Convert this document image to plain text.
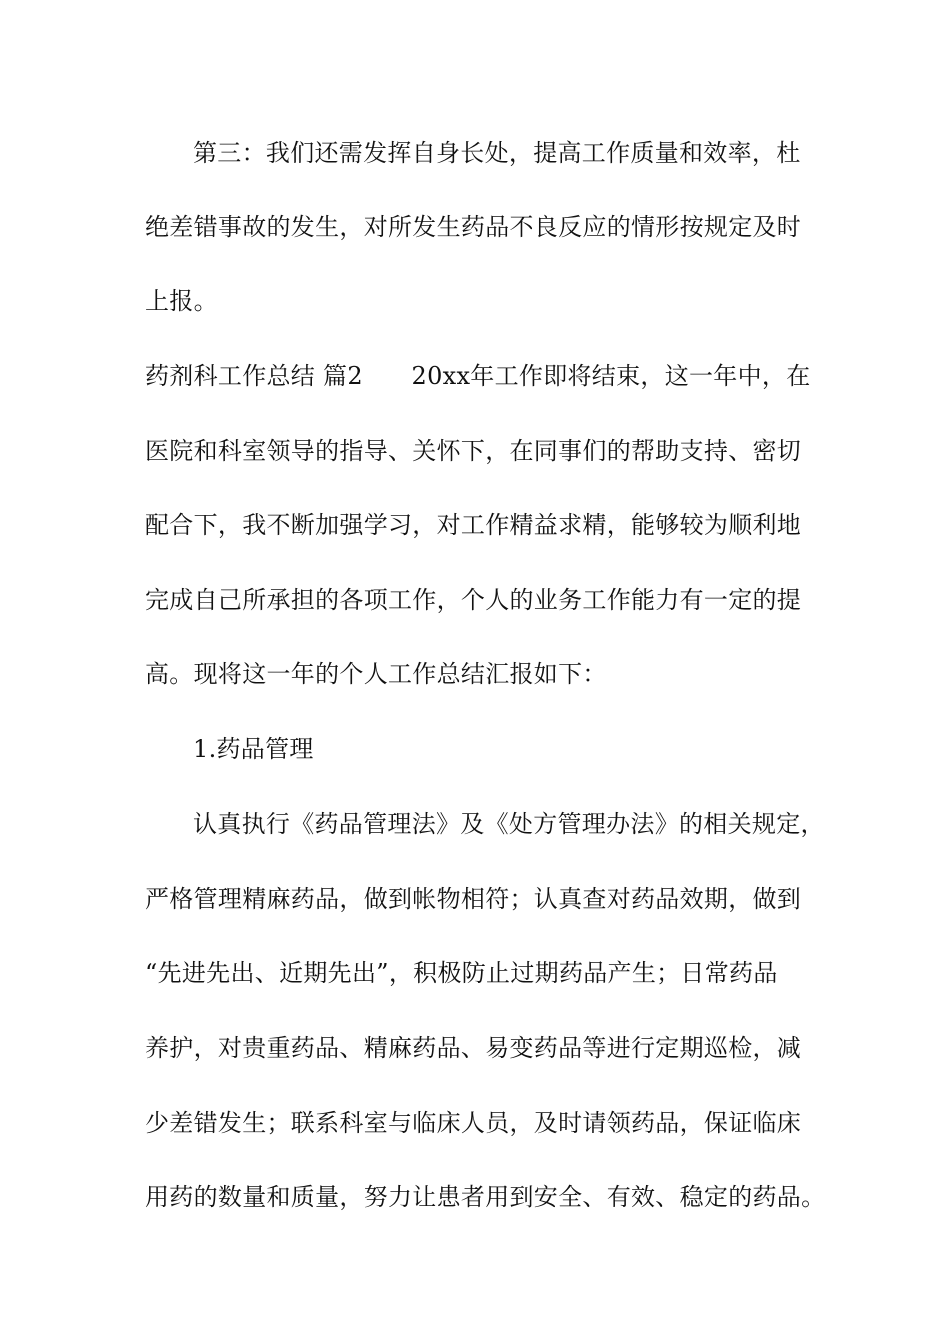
第三：我们还需发挥自身长处，提高工作质量和效率，杜
绝差错事故的发生，对所发生药品不良反应的情形按规定及时
上报。
药剂科工作总结 篇2　　20xx年工作即将结束，这一年中，在
医院和科室领导的指导、关怀下，在同事们的帮助支持、密切
配合下，我不断加强学习，对工作精益求精，能够较为顺利地
完成自己所承担的各项工作，个人的业务工作能力有一定的提
高。现将这一年的个人工作总结汇报如下：
1.药品管理
认真执行《药品管理法》及《处方管理办法》的相关规定，
严格管理精麻药品，做到帐物相符；认真查对药品效期，做到
“先进先出、近期先出”，积极防止过期药品产生；日常药品
养护，对贵重药品、精麻药品、易变药品等进行定期巡检，减
少差错发生；联系科室与临床人员，及时请领药品，保证临床
用药的数量和质量，努力让患者用到安全、有效、稳定的药品。
